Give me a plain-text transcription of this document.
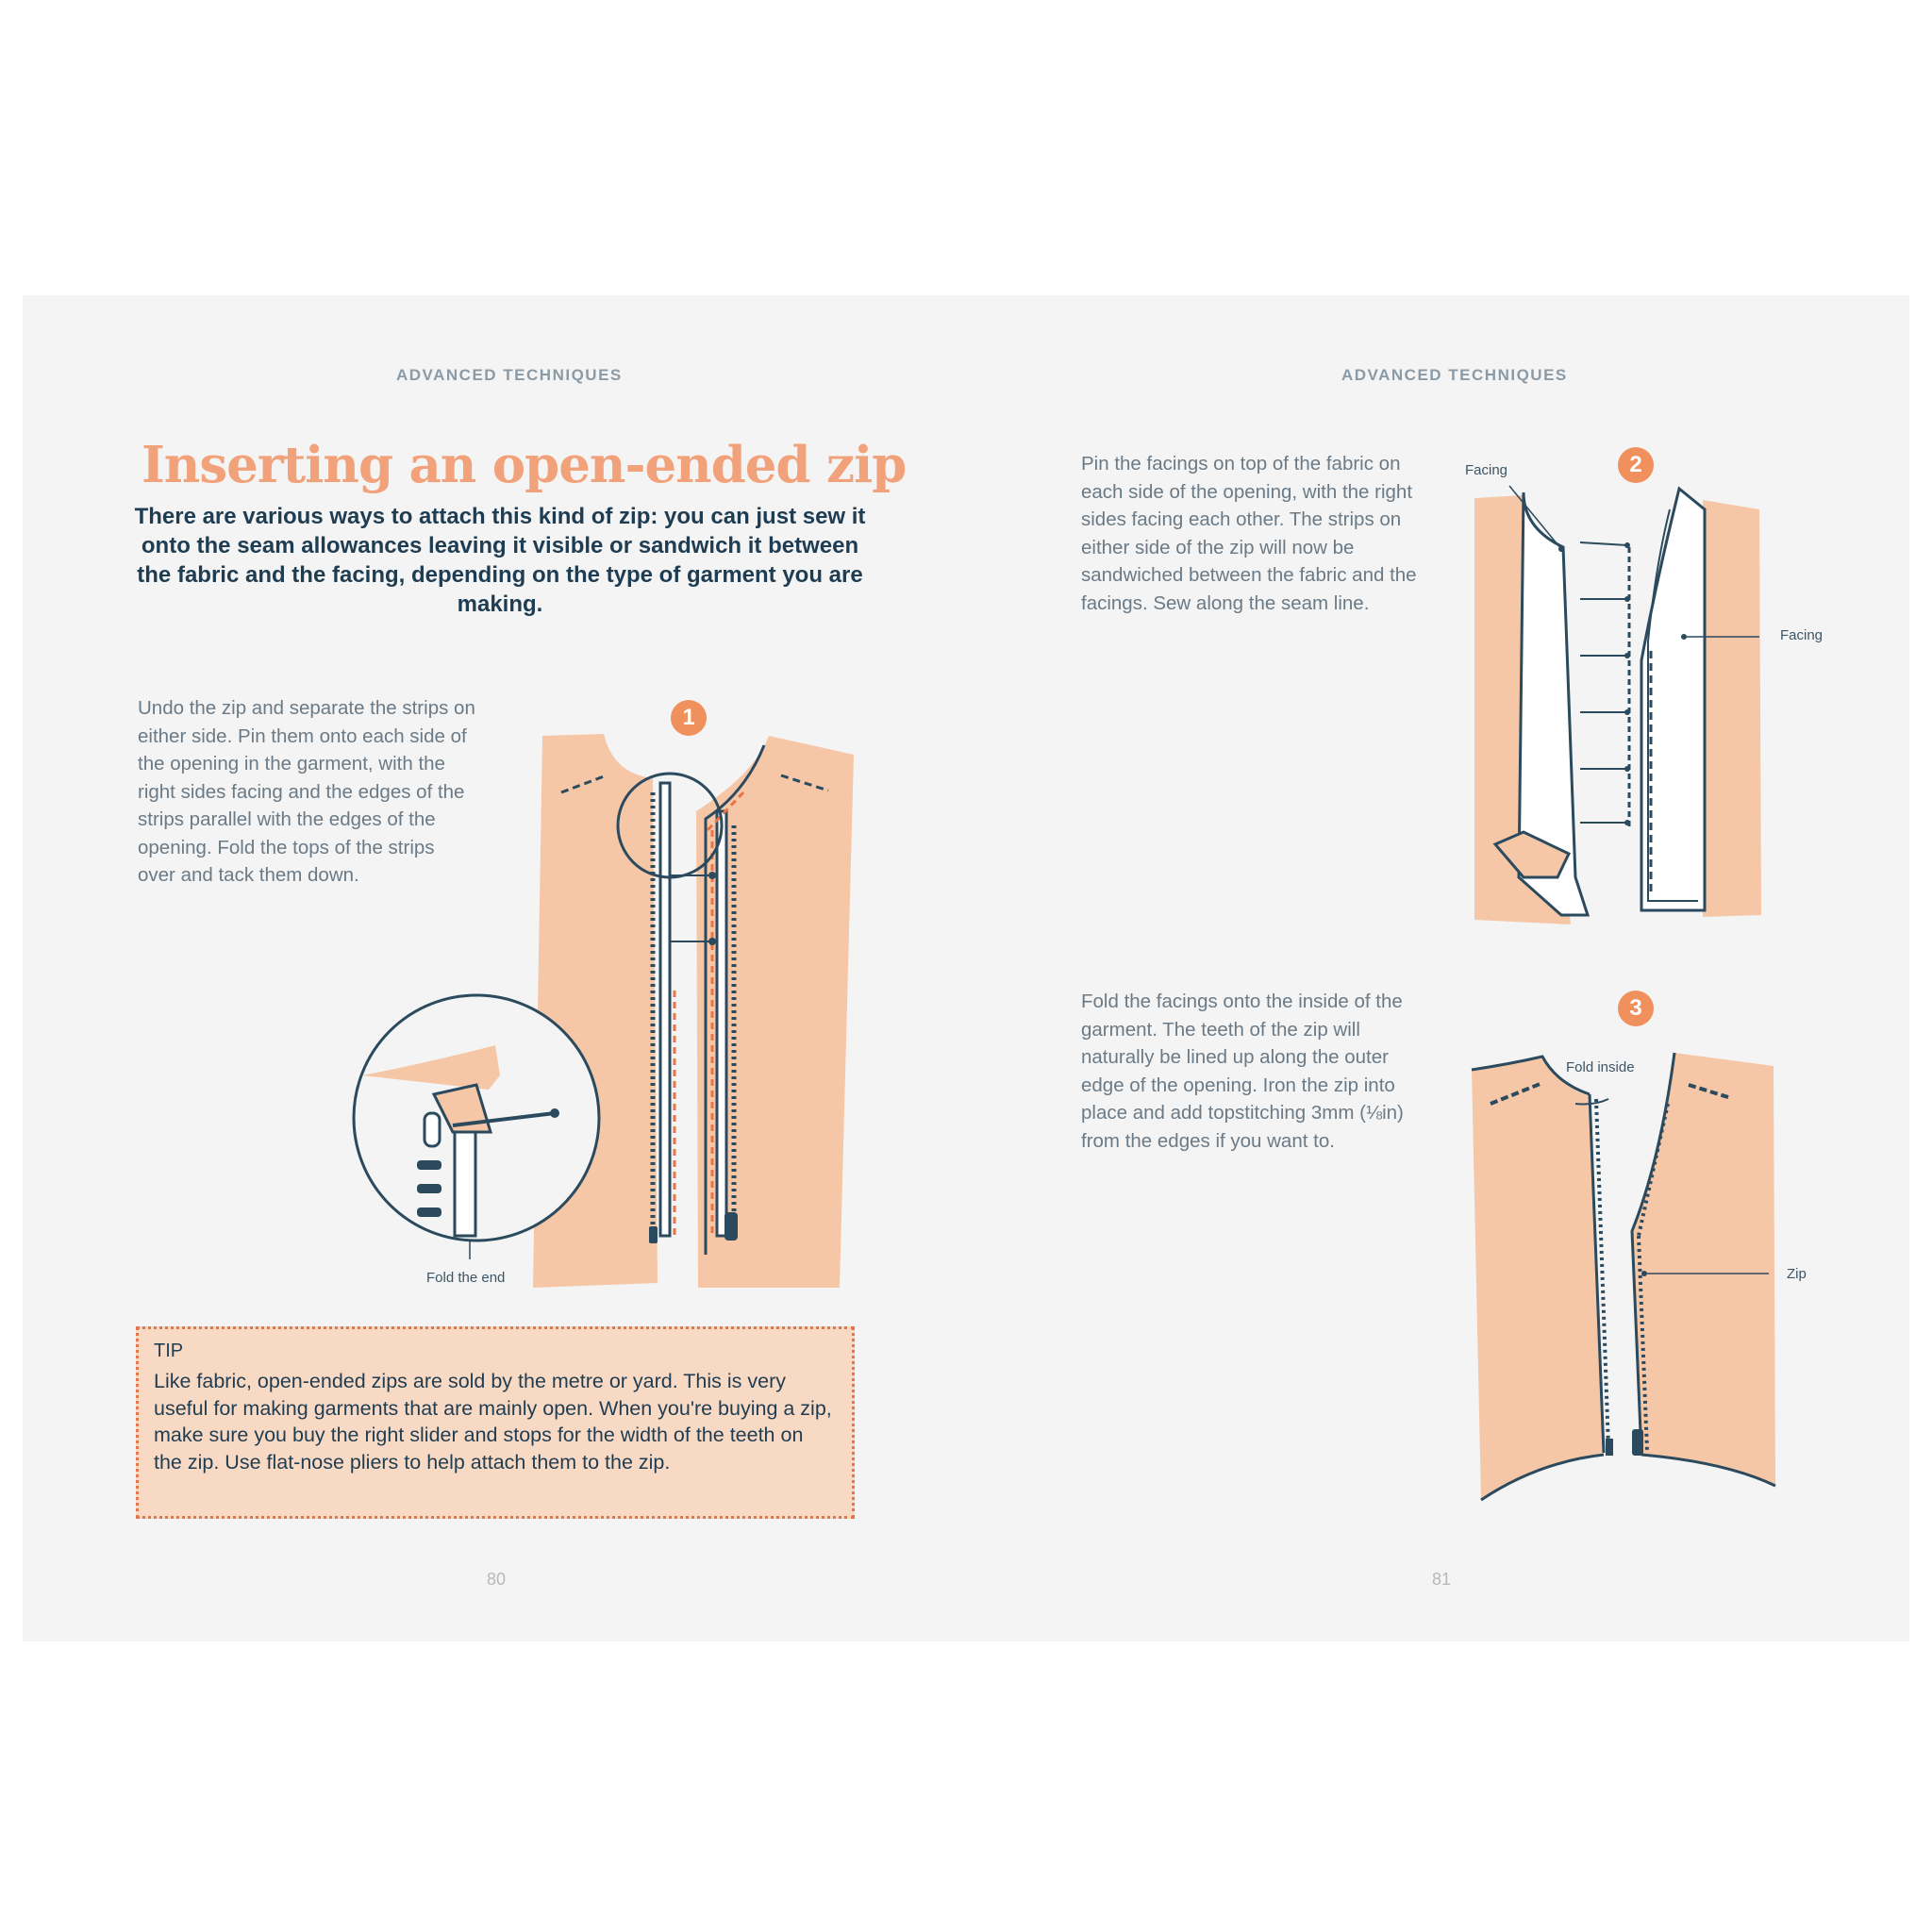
ADVANCED TECHNIQUES
Inserting an open-ended zip
There are various ways to attach this kind of zip: you can just sew it onto the seam allowances leaving it visible or sandwich it between the fabric and the facing, depending on the type of garment you are making.
Undo the zip and separate the strips on either side. Pin them onto each side of the opening in the garment, with the right sides facing and the edges of the strips parallel with the edges of the opening. Fold the tops of the strips over and tack them down.
Fold the end
1
TIP
Like fabric, open-ended zips are sold by the metre or yard. This is very useful for making garments that are mainly open. When you're buying a zip, make sure you buy the right slider and stops for the width of the teeth on the zip. Use flat-nose pliers to help attach them to the zip.
80
ADVANCED TECHNIQUES
Pin the facings on top of the fabric on each side of the opening, with the right sides facing each other. The strips on either side of the zip will now be sandwiched between the fabric and the facings. Sew along the seam line.
2
Facing
Facing
Fold the facings onto the inside of the garment. The teeth of the zip will naturally be lined up along the outer edge of the opening. Iron the zip into place and add topstitching 3mm (⅛in) from the edges if you want to.
3
Fold inside
Zip
81
